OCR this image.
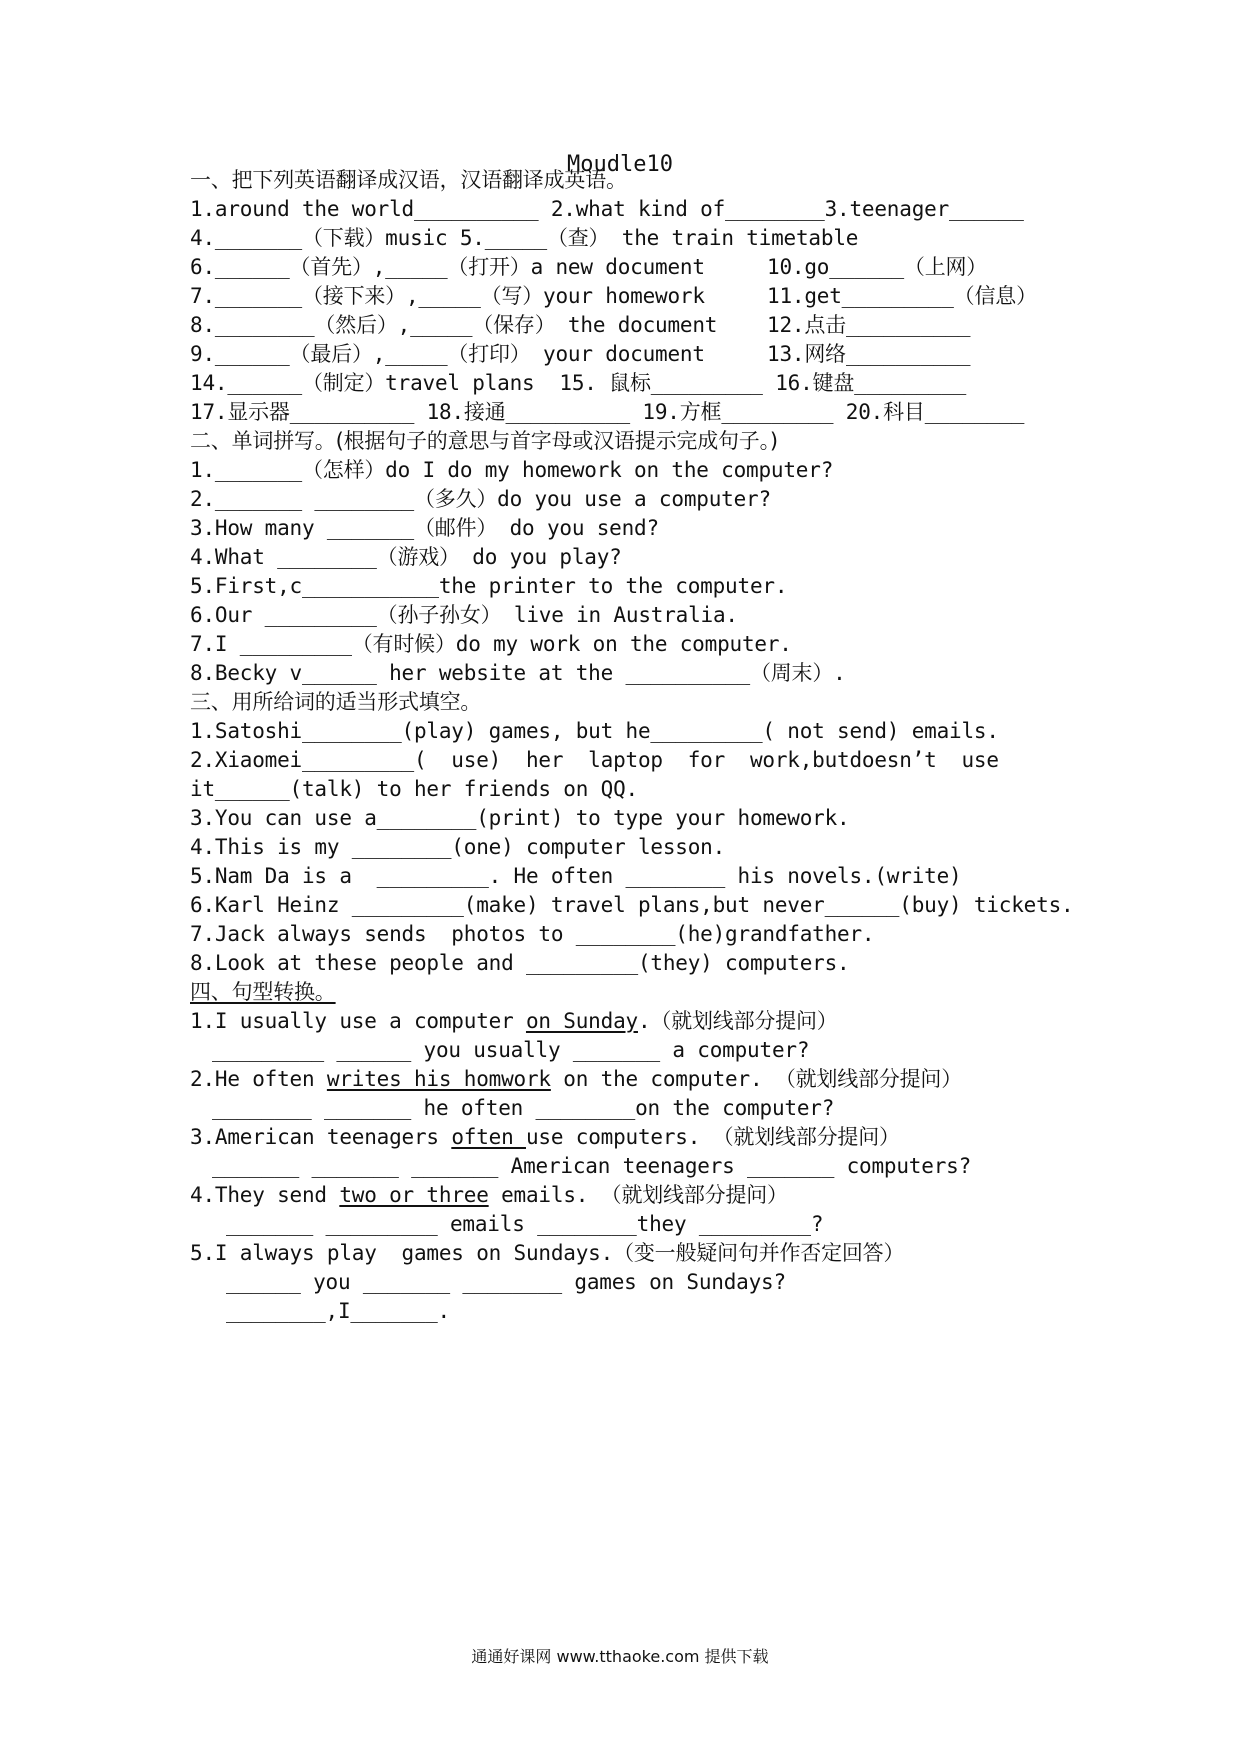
Moudle10
一、把下列英语翻译成汉语，汉语翻译成英语。
1.around the world__________ 2.what kind of________3.teenager______
4._______（下载）music 5._____（查） the train timetable
6.______（首先）,_____（打开）a new document     10.go______（上网）
7._______（接下来）,_____（写）your homework     11.get_________（信息）
8.________（然后）,_____（保存） the document    12.点击__________
9.______（最后）,_____（打印） your document     13.网络__________
14.______（制定）travel plans  15. 鼠标_________ 16.键盘_________
17.显示器__________ 18.接通__________ 19.方框_________ 20.科目________
二、单词拼写。(根据句子的意思与首字母或汉语提示完成句子。)
1._______（怎样）do I do my homework on the computer?
2._______ ________（多久）do you use a computer?
3.How many _______（邮件） do you send?
4.What ________（游戏） do you play?
5.First,c___________the printer to the computer.
6.Our _________（孙子孙女） live in Australia.
7.I _________（有时候）do my work on the computer.
8.Becky v______ her website at the __________（周末）.
三、用所给词的适当形式填空。
1.Satoshi________(play) games, but he_________( not send) emails.
2.Xiaomei_________(  use)  her  laptop  for  work,butdoesn’t  use
it______(talk) to her friends on QQ.
3.You can use a________(print) to type your homework.
4.This is my ________(one) computer lesson.
5.Nam Da is a  _________. He often ________ his novels.(write)
6.Karl Heinz _________(make) travel plans,but never______(buy) tickets.
7.Jack always sends  photos to ________(he)grandfather.
8.Look at these people and _________(they) computers.
四、句型转换。
1.I usually use a computer on Sunday.（就划线部分提问）
_________ ______ you usually _______ a computer?
2.He often writes his homwork on the computer. （就划线部分提问）
________ _______ he often ________on the computer?
3.American teenagers often use computers. （就划线部分提问）
_______ _______ _______ American teenagers _______ computers?
4.They send two or three emails. （就划线部分提问）
_______ _________ emails ________they _________?
5.I always play  games on Sundays.（变一般疑问句并作否定回答）
______ you _______ ________ games on Sundays?
________,I_______.
通通好课网 www.tthaoke.com 提供下载
